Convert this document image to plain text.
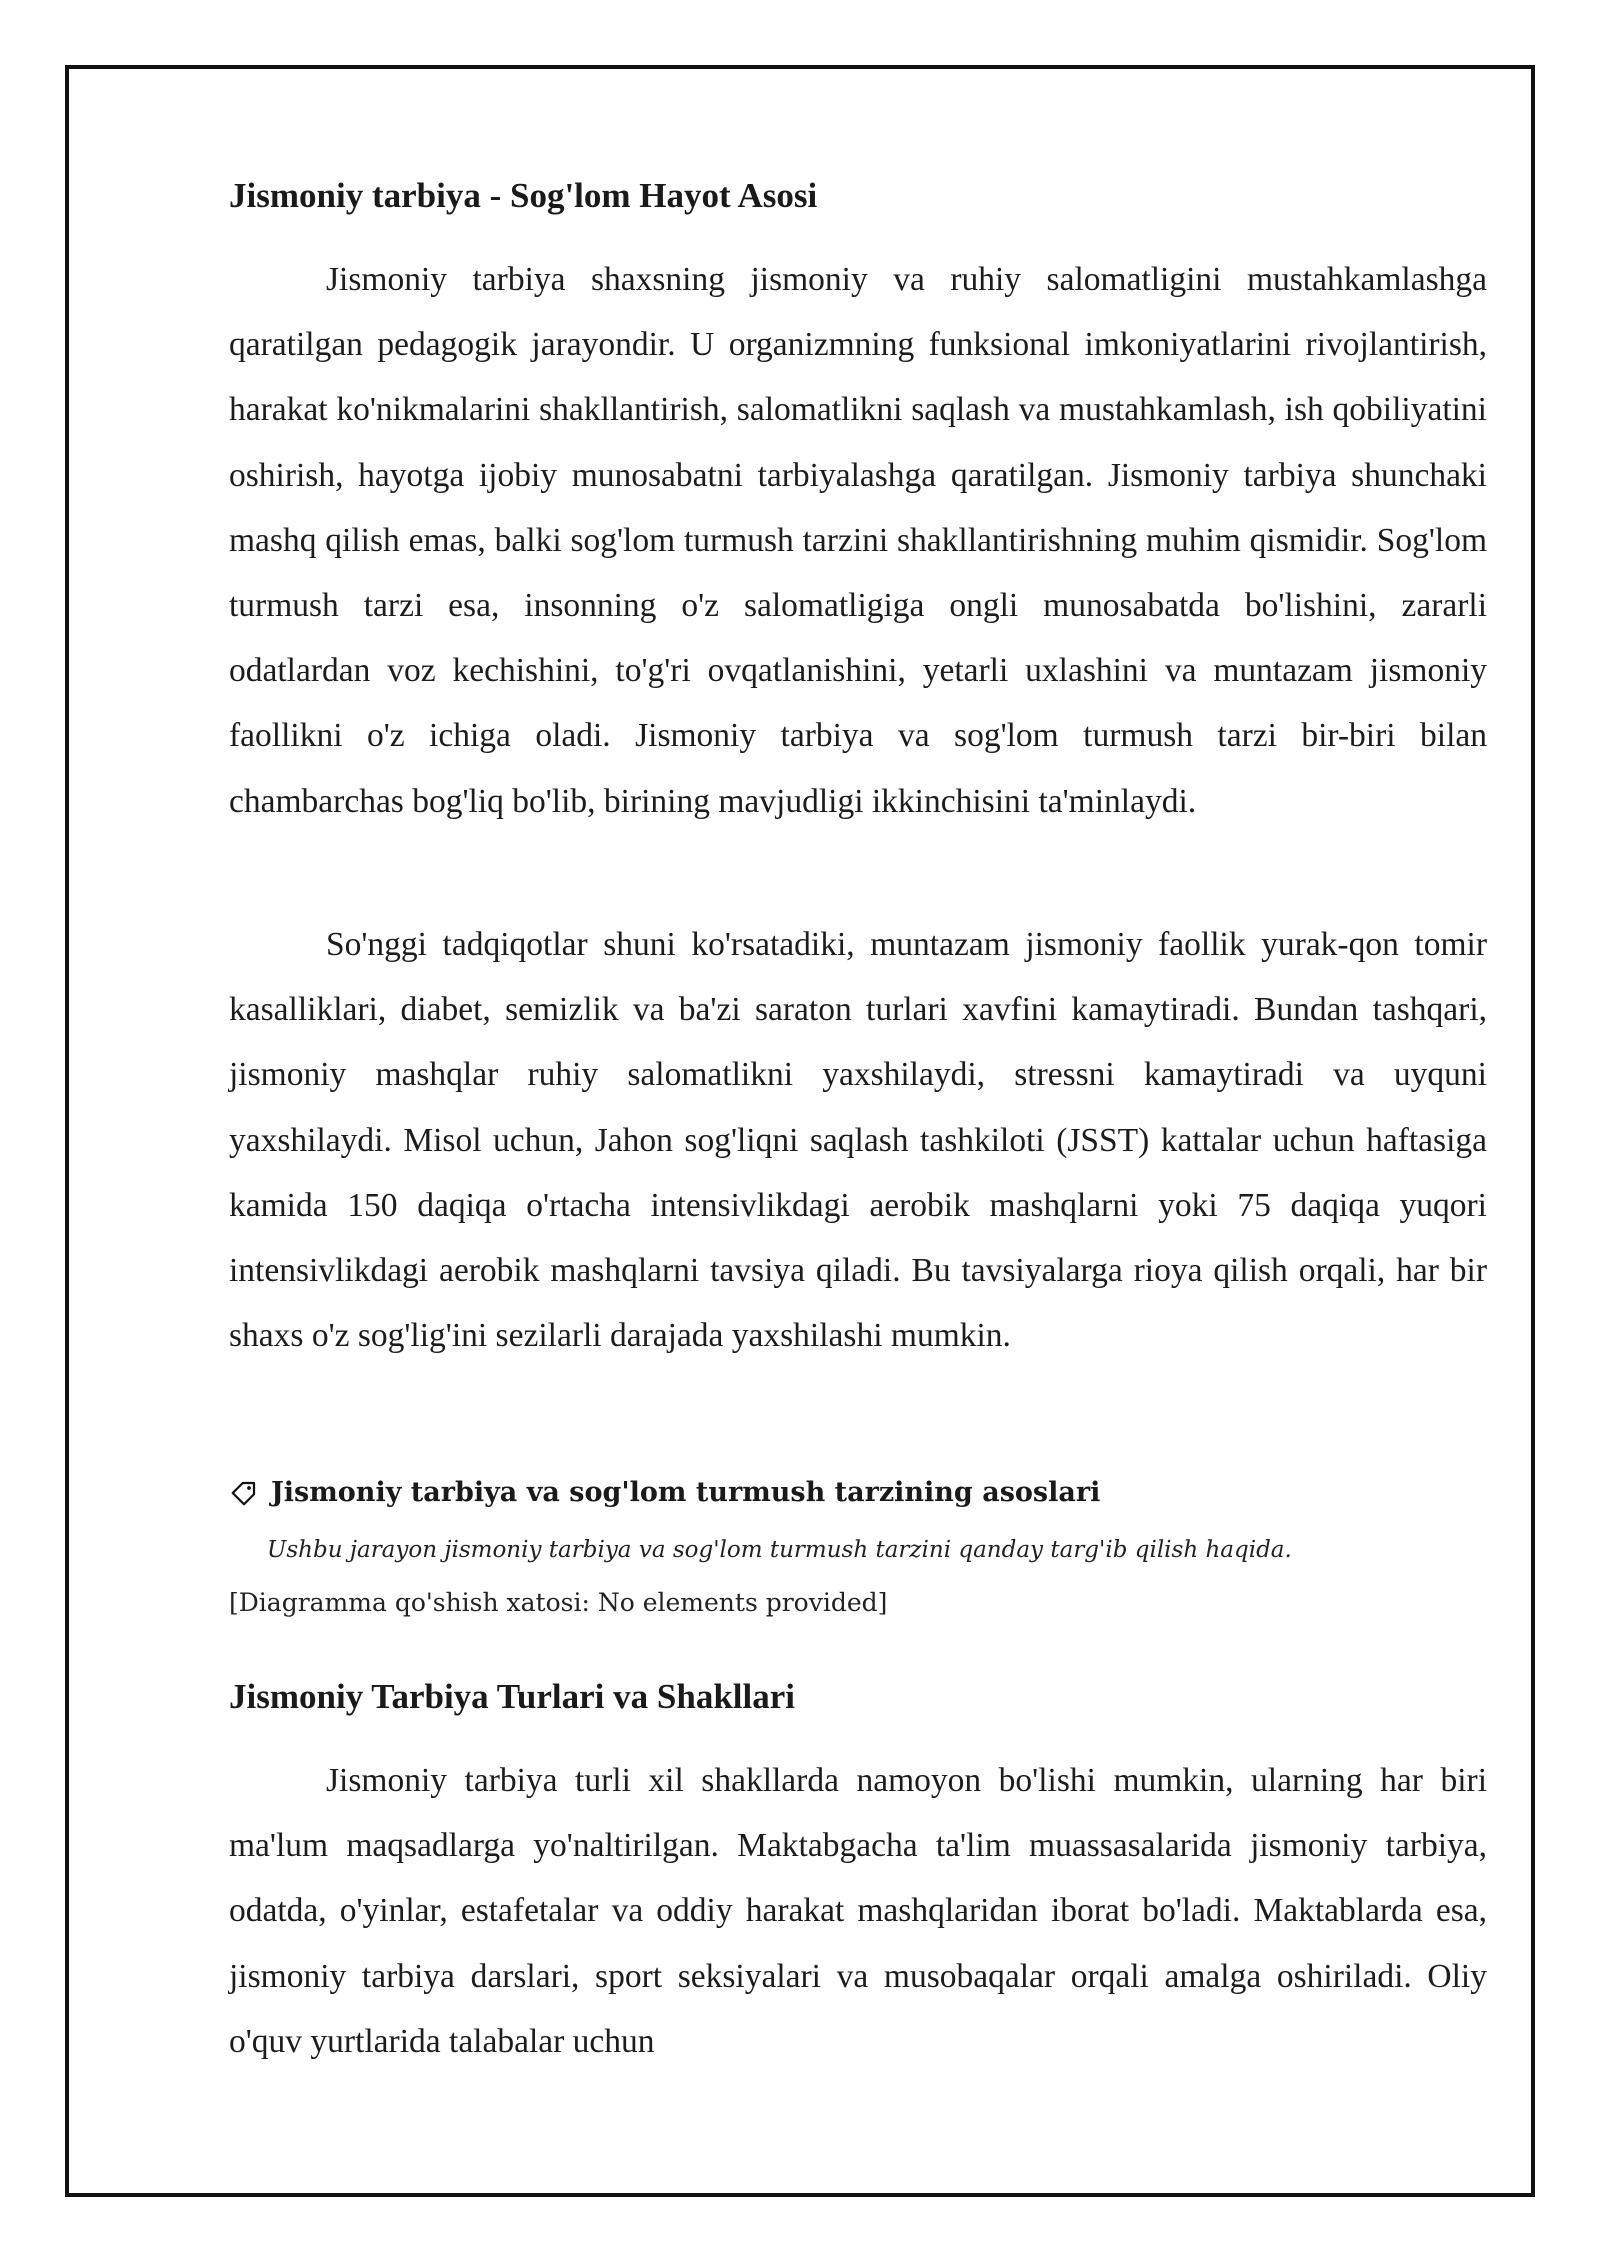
Jismoniy tarbiya - Sog'lom Hayot Asosi

Jismoniy tarbiya shaxsning jismoniy va ruhiy salomatligini mustahkamlashga qaratilgan pedagogik jarayondir. U organizmning funksional imkoniyatlarini rivojlantirish, harakat ko'nikmalarini shakllantirish, salomatlikni saqlash va mustahkamlash, ish qobiliyatini oshirish, hayotga ijobiy munosabatni tarbiyalashga qaratilgan. Jismoniy tarbiya shunchaki mashq qilish emas, balki sog'lom turmush tarzini shakllantirishning muhim qismidir. Sog'lom turmush tarzi esa, insonning o'z salomatligiga ongli munosabatda bo'lishini, zararli odatlardan voz kechishini, to'g'ri ovqatlanishini, yetarli uxlashini va muntazam jismoniy faollikni o'z ichiga oladi. Jismoniy tarbiya va sog'lom turmush tarzi bir-biri bilan chambarchas bog'liq bo'lib, birining mavjudligi ikkinchisini ta'minlaydi.

So'nggi tadqiqotlar shuni ko'rsatadiki, muntazam jismoniy faollik yurak-qon tomir kasalliklari, diabet, semizlik va ba'zi saraton turlari xavfini kamaytiradi. Bundan tashqari, jismoniy mashqlar ruhiy salomatlikni yaxshilaydi, stressni kamaytiradi va uyquni yaxshilaydi. Misol uchun, Jahon sog'liqni saqlash tashkiloti (JSST) kattalar uchun haftasiga kamida 150 daqiqa o'rtacha intensivlikdagi aerobik mashqlarni yoki 75 daqiqa yuqori intensivlikdagi aerobik mashqlarni tavsiya qiladi. Bu tavsiyalarga rioya qilish orqali, har bir shaxs o'z sog'lig'ini sezilarli darajada yaxshilashi mumkin.

Jismoniy tarbiya va sog'lom turmush tarzining asoslari
Ushbu jarayon jismoniy tarbiya va sog'lom turmush tarzini qanday targ'ib qilish haqida.
[Diagramma qo'shish xatosi: No elements provided]
Jismoniy Tarbiya Turlari va Shakllari

Jismoniy tarbiya turli xil shakllarda namoyon bo'lishi mumkin, ularning har biri ma'lum maqsadlarga yo'naltirilgan. Maktabgacha ta'lim muassasalarida jismoniy tarbiya, odatda, o'yinlar, estafetalar va oddiy harakat mashqlaridan iborat bo'ladi. Maktablarda esa, jismoniy tarbiya darslari, sport seksiyalari va musobaqalar orqali amalga oshiriladi. Oliy o'quv yurtlarida talabalar uchun
